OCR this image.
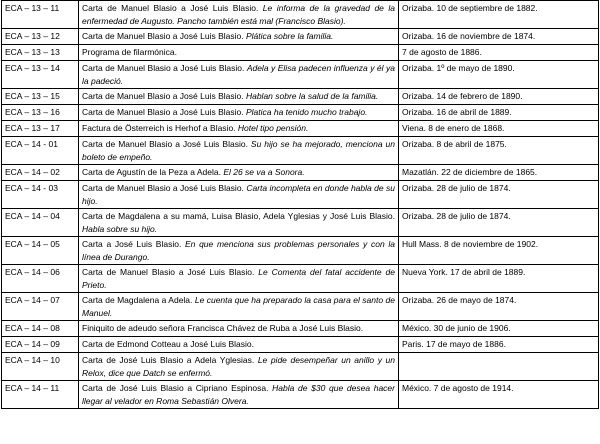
ECA – 13 – 11	Carta de Manuel Blasio a José Luis Blasio. Le informa de la gravedad de la enfermedad de Augusto. Pancho también está mal (Francisco Blasio).	Orizaba. 10 de septiembre de 1882.
ECA – 13 – 12	Carta de Manuel Blasio a José Luis Blasio. Plática sobre la familia.	Orizaba. 16 de noviembre de 1874.
ECA – 13 – 13	Programa de filarmónica.	7 de agosto de 1886.
ECA – 13 – 14	Carta de Manuel Blasio a José Luis Blasio. Adela y Elisa padecen influenza y él ya la padeció.	Orizaba. 1º de mayo de 1890.
ECA – 13 – 15	Carta de Manuel Blasio a José Luis Blasio. Hablan sobre la salud de la familia.	Orizaba. 14 de febrero de 1890.
ECA – 13 – 16	Carta de Manuel Blasio a José Luis Blasio. Platica ha tenido mucho trabajo.	Orizaba. 16 de abril de 1889.
ECA – 13 – 17	Factura de Österreich is Herhof a Blasio. Hotel tipo pensión.	Viena. 8 de enero de 1868.
ECA – 14 - 01	Carta de Manuel Blasio a José Luis Blasio. Su hijo se ha mejorado, menciona un boleto de empeño.	Orizaba. 8 de abril de 1875.
ECA – 14 – 02	Carta de Agustín de la Peza a Adela. El 26 se va a Sonora.	Mazatlán. 22 de diciembre de 1865.
ECA – 14 - 03	Carta de Manuel Blasio a José Luis Blasio. Carta incompleta en donde habla de su hijo.	Orizaba. 28 de julio de 1874.
ECA – 14 – 04	Carta de Magdalena a su mamá, Luisa Blasio, Adela Yglesias y José Luis Blasio. Habla sobre su hijo.	Orizaba. 28 de julio de 1874.
ECA – 14 – 05	Carta a José Luis Blasio. En que menciona sus problemas personales y con la línea de Durango.	Hull Mass. 8 de noviembre de 1902.
ECA – 14 – 06	Carta de Manuel Blasio a José Luis Blasio. Le Comenta del fatal accidente de Prieto.	Nueva York. 17 de abril de 1889.
ECA – 14 – 07	Carta de Magdalena a Adela. Le cuenta que ha preparado la casa para el santo de Manuel.	Orizaba. 26 de mayo de 1874.
ECA – 14 – 08	Finiquito de adeudo señora Francisca Chávez de Ruba a José Luis Blasio.	México. 30 de junio de 1906.
ECA – 14 – 09	Carta de Edmond Cotteau a José Luis Blasio.	Paris. 17 de mayo de 1886.
ECA – 14 – 10	Carta de José Luis Blasio a Adela Yglesias. Le pide desempeñar un anillo y un Relox, dice que Datch se enfermó.	
ECA – 14 – 11	Carta de José Luis Blasio a Cipriano Espinosa. Habla de $30 que desea hacer llegar al velador en Roma Sebastián Olvera.	México. 7 de agosto de 1914.
